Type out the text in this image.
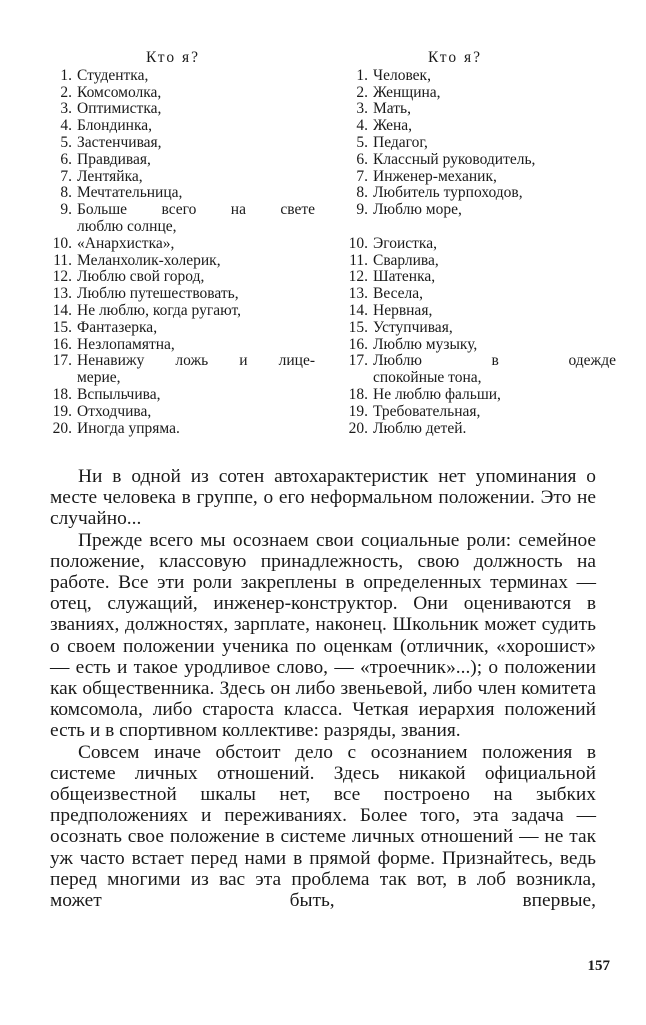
Кто я?
1. Студентка,
2. Комсомолка,
3. Оптимистка,
4. Блондинка,
5. Застенчивая,
6. Правдивая,
7. Лентяйка,
8. Мечтательница,
9. Больше всего на свете
люблю солнце,
10. «Анархистка»,
11. Меланхолик-холерик,
12. Люблю свой город,
13. Люблю путешествовать,
14. Не люблю, когда ругают,
15. Фантазерка,
16. Незлопамятна,
17. Ненавижу ложь и лице-
мерие,
18. Вспыльчива,
19. Отходчива,
20. Иногда упряма.
Кто я?
1. Человек,
2. Женщина,
3. Мать,
4. Жена,
5. Педагог,
6. Классный руководитель,
7. Инженер-механик,
8. Любитель турпоходов,
9. Люблю море,
10. Эгоистка,
11. Сварлива,
12. Шатенка,
13. Весела,
14. Нервная,
15. Уступчивая,
16. Люблю музыку,
17. Люблю в одежде
спокойные тона,
18. Не люблю фальши,
19. Требовательная,
20. Люблю детей.

Ни в одной из сотен автохарактеристик нет упоминания о месте человека в группе, о его неформальном положении. Это не случайно...

Прежде всего мы осознаем свои социальные роли: семейное положение, классовую принадлежность, свою должность на работе. Все эти роли закреплены в определенных терминах — отец, служащий, инженер-конструктор. Они оцениваются в званиях, должностях, зарплате, наконец. Школьник может судить о своем положении ученика по оценкам (отличник, «хорошист» — есть и такое уродливое слово, — «троечник»...); о положении как общественника. Здесь он либо звеньевой, либо член комитета комсомола, либо староста класса. Четкая иерархия положений есть и в спортивном коллективе: разряды, звания.

Совсем иначе обстоит дело с осознанием положения в системе личных отношений. Здесь никакой официальной общеизвестной шкалы нет, все построено на зыбких предположениях и переживаниях. Более того, эта задача — осознать свое положение в системе личных отношений — не так уж часто встает перед нами в прямой форме. Признайтесь, ведь перед многими из вас эта проблема так вот, в лоб возникла, может быть, впервые,

157
